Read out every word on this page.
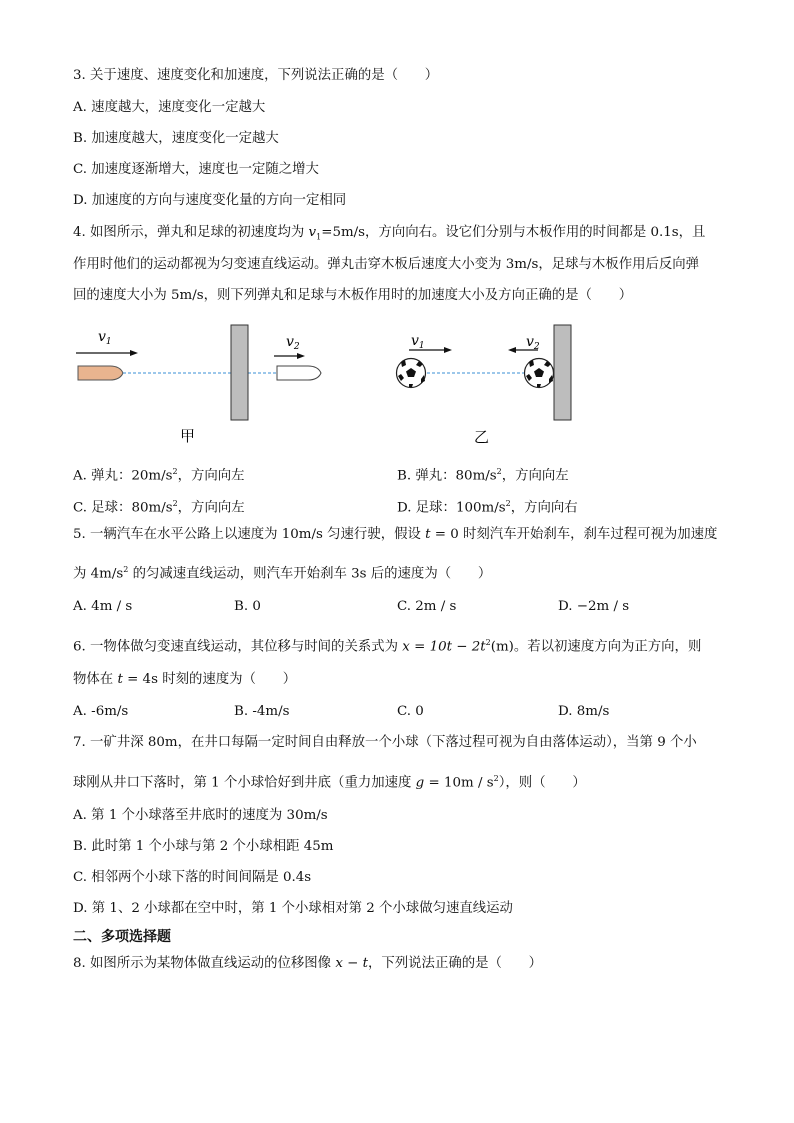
3. 关于速度、速度变化和加速度，下列说法正确的是（　　）
A. 速度越大，速度变化一定越大
B. 加速度越大，速度变化一定越大
C. 加速度逐渐增大，速度也一定随之增大
D. 加速度的方向与速度变化量的方向一定相同
4. 如图所示，弹丸和足球的初速度均为 $v_1=5m/s$，方向向右。设它们分别与木板作用的时间都是 0.1s，且
作用时他们的运动都视为匀变速直线运动。弹丸击穿木板后速度大小变为 3m/s，足球与木板作用后反向弹
回的速度大小为 5m/s，则下列弹丸和足球与木板作用时的加速度大小及方向正确的是（　　）
$v_1$	$v_2$
甲
$v_1$	$v_2$
乙
A. 弹丸：$20m/s^2$，方向向左	B. 弹丸：$80m/s^2$，方向向左
C. 足球：$80m/s^2$，方向向左	D. 足球：$100m/s^2$，方向向右
5. 一辆汽车在水平公路上以速度为 10m/s 匀速行驶，假设 t = 0 时刻汽车开始刹车，刹车过程可视为加速度
为 $4m/s^2$ 的匀减速直线运动，则汽车开始刹车 3s 后的速度为（　　）
A. 4m / s	B. 0	C. 2m / s	D. −2m / s
6. 一物体做匀变速直线运动，其位移与时间的关系式为 $x = 10t - 2t^2(m)$。若以初速度方向为正方向，则
物体在 t = 4s 时刻的速度为（　　）
A. -6m/s	B. -4m/s	C. 0	D. 8m/s
7. 一矿井深 80m，在井口每隔一定时间自由释放一个小球（下落过程可视为自由落体运动），当第 9 个小
球刚从井口下落时，第 1 个小球恰好到井底（重力加速度 $g = 10m / s^2$），则（　　）
A. 第 1 个小球落至井底时的速度为 30m/s
B. 此时第 1 个小球与第 2 个小球相距 45m
C. 相邻两个小球下落的时间间隔是 0.4s
D. 第 1、2 小球都在空中时，第 1 个小球相对第 2 个小球做匀速直线运动
二、多项选择题
8. 如图所示为某物体做直线运动的位移图像 x − t，下列说法正确的是（　　）
